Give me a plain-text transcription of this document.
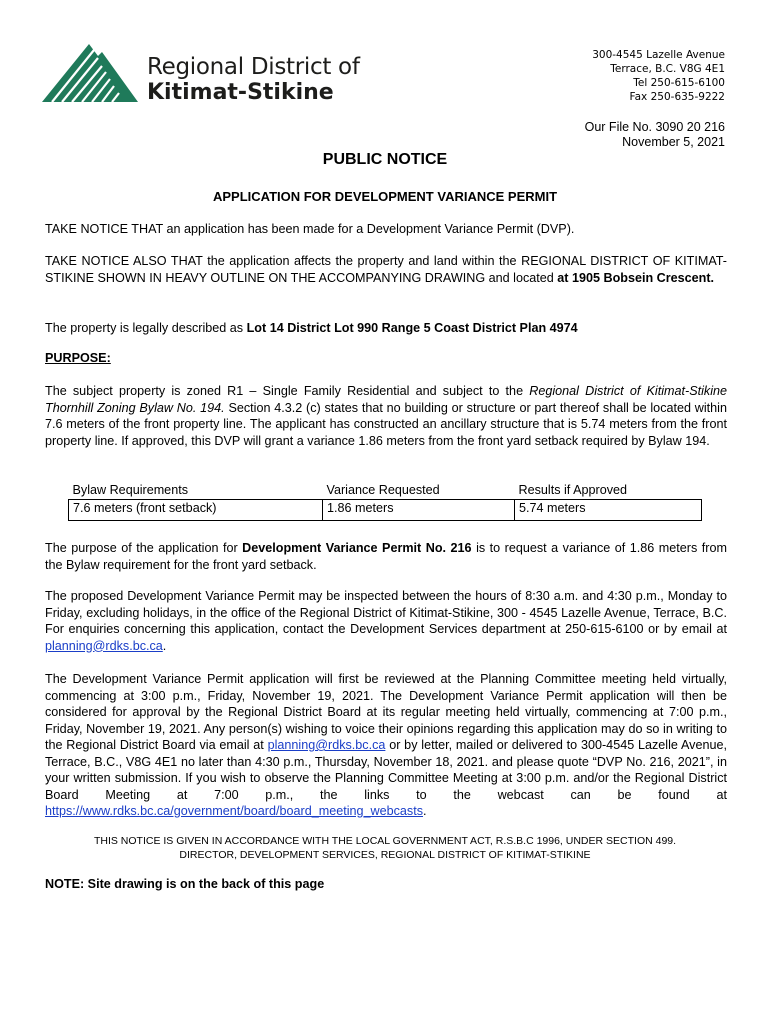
Regional District of
Kitimat-Stikine
300-4545 Lazelle Avenue
Terrace, B.C. V8G 4E1
Tel 250-615-6100
Fax 250-635-9222
Our File No. 3090 20 216
November 5, 2021
PUBLIC NOTICE
APPLICATION FOR DEVELOPMENT VARIANCE PERMIT
TAKE NOTICE THAT an application has been made for a Development Variance Permit (DVP).
TAKE NOTICE ALSO THAT the application affects the property and land within the REGIONAL DISTRICT OF KITIMAT-STIKINE SHOWN IN HEAVY OUTLINE ON THE ACCOMPANYING DRAWING and located at 1905 Bobsein Crescent.
The property is legally described as Lot 14 District Lot 990 Range 5 Coast District Plan 4974
PURPOSE:
The subject property is zoned R1 – Single Family Residential and subject to the Regional District of Kitimat-Stikine Thornhill Zoning Bylaw No. 194. Section 4.3.2 (c) states that no building or structure or part thereof shall be located within 7.6 meters of the front property line. The applicant has constructed an ancillary structure that is 5.74 meters from the front property line. If approved, this DVP will grant a variance 1.86 meters from the front yard setback required by Bylaw 194.
Bylaw Requirements	Variance Requested	Results if Approved
7.6 meters (front setback)	1.86 meters	5.74 meters
The purpose of the application for Development Variance Permit No. 216 is to request a variance of 1.86 meters from the Bylaw requirement for the front yard setback.
The proposed Development Variance Permit may be inspected between the hours of 8:30 a.m. and 4:30 p.m., Monday to Friday, excluding holidays, in the office of the Regional District of Kitimat-Stikine, 300 - 4545 Lazelle Avenue, Terrace, B.C. For enquiries concerning this application, contact the Development Services department at 250-615-6100 or by email at planning@rdks.bc.ca.
The Development Variance Permit application will first be reviewed at the Planning Committee meeting held virtually, commencing at 3:00 p.m., Friday, November 19, 2021. The Development Variance Permit application will then be considered for approval by the Regional District Board at its regular meeting held virtually, commencing at 7:00 p.m., Friday, November 19, 2021. Any person(s) wishing to voice their opinions regarding this application may do so in writing to the Regional District Board via email at planning@rdks.bc.ca or by letter, mailed or delivered to 300-4545 Lazelle Avenue, Terrace, B.C., V8G 4E1 no later than 4:30 p.m., Thursday, November 18, 2021. and please quote “DVP No. 216, 2021”, in your written submission. If you wish to observe the Planning Committee Meeting at 3:00 p.m. and/or the Regional District Board Meeting at 7:00 p.m., the links to the webcast can be found at https://www.rdks.bc.ca/government/board/board_meeting_webcasts.
THIS NOTICE IS GIVEN IN ACCORDANCE WITH THE LOCAL GOVERNMENT ACT, R.S.B.C 1996, UNDER SECTION 499.
DIRECTOR, DEVELOPMENT SERVICES, REGIONAL DISTRICT OF KITIMAT-STIKINE
NOTE: Site drawing is on the back of this page
